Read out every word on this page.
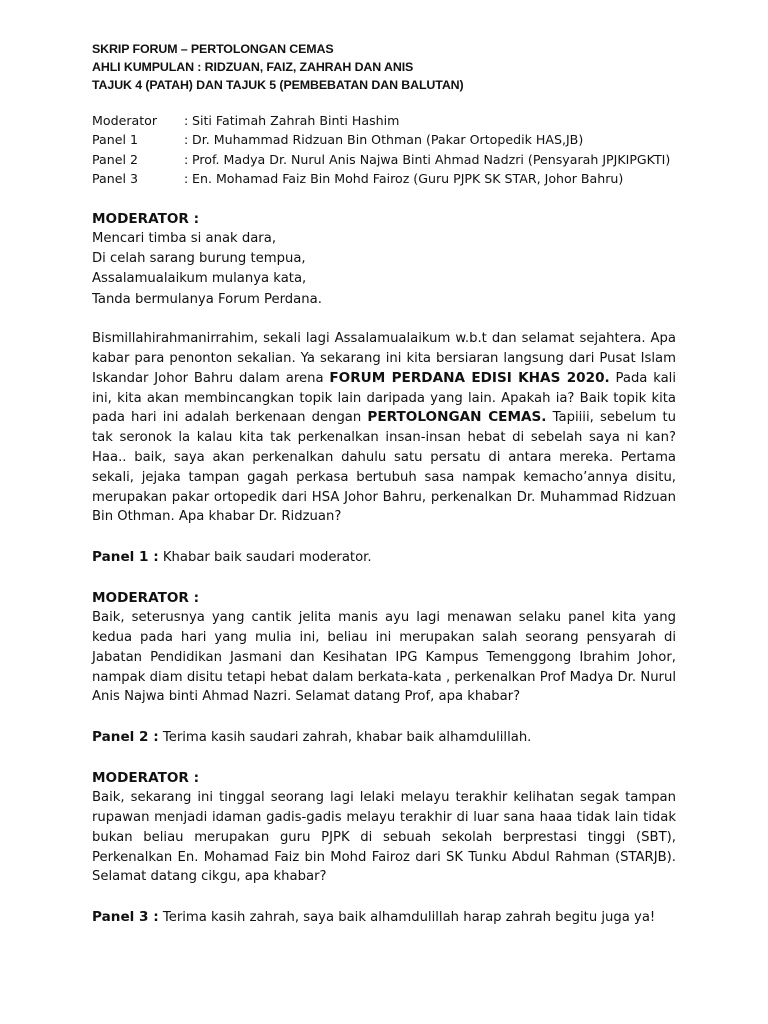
SKRIP FORUM – PERTOLONGAN CEMAS
AHLI KUMPULAN : RIDZUAN, FAIZ, ZAHRAH DAN ANIS
TAJUK 4 (PATAH) DAN TAJUK 5 (PEMBEBATAN DAN BALUTAN)
Moderator	: Siti Fatimah Zahrah Binti Hashim
Panel 1	: Dr. Muhammad Ridzuan Bin Othman (Pakar Ortopedik HAS,JB)
Panel 2	: Prof. Madya Dr. Nurul Anis Najwa Binti Ahmad Nadzri (Pensyarah JPJKIPGKTI)
Panel 3	: En. Mohamad Faiz Bin Mohd Fairoz (Guru PJPK SK STAR, Johor Bahru)
MODERATOR :
Mencari timba si anak dara,
Di celah sarang burung tempua,
Assalamualaikum mulanya kata,
Tanda bermulanya Forum Perdana.
Bismillahirahmanirrahim, sekali lagi Assalamualaikum w.b.t dan selamat sejahtera. Apa kabar para penonton sekalian. Ya sekarang ini kita bersiaran langsung dari Pusat Islam Iskandar Johor Bahru dalam arena FORUM PERDANA EDISI KHAS 2020. Pada kali ini, kita akan membincangkan topik lain daripada yang lain. Apakah ia? Baik topik kita pada hari ini adalah berkenaan dengan PERTOLONGAN CEMAS. Tapiiii, sebelum tu tak seronok la kalau kita tak perkenalkan insan-insan hebat di sebelah saya ni kan? Haa.. baik, saya akan perkenalkan dahulu satu persatu di antara mereka. Pertama sekali, jejaka tampan gagah perkasa bertubuh sasa nampak kemacho’annya disitu, merupakan pakar ortopedik dari HSA Johor Bahru, perkenalkan Dr. Muhammad Ridzuan Bin Othman. Apa khabar Dr. Ridzuan?
Panel 1 : Khabar baik saudari moderator.
MODERATOR :
Baik, seterusnya yang cantik jelita manis ayu lagi menawan selaku panel kita yang kedua pada hari yang mulia ini, beliau ini merupakan salah seorang pensyarah di Jabatan Pendidikan Jasmani dan Kesihatan IPG Kampus Temenggong Ibrahim Johor, nampak diam disitu tetapi hebat dalam berkata-kata , perkenalkan Prof Madya Dr. Nurul Anis Najwa binti Ahmad Nazri. Selamat datang Prof, apa khabar?
Panel 2 : Terima kasih saudari zahrah, khabar baik alhamdulillah.
MODERATOR :
Baik, sekarang ini tinggal seorang lagi lelaki melayu terakhir kelihatan segak tampan rupawan menjadi idaman gadis-gadis melayu terakhir di luar sana haaa tidak lain tidak bukan beliau merupakan guru PJPK di sebuah sekolah berprestasi tinggi (SBT), Perkenalkan En. Mohamad Faiz bin Mohd Fairoz dari SK Tunku Abdul Rahman (STARJB). Selamat datang cikgu, apa khabar?
Panel 3 : Terima kasih zahrah, saya baik alhamdulillah harap zahrah begitu juga ya!
